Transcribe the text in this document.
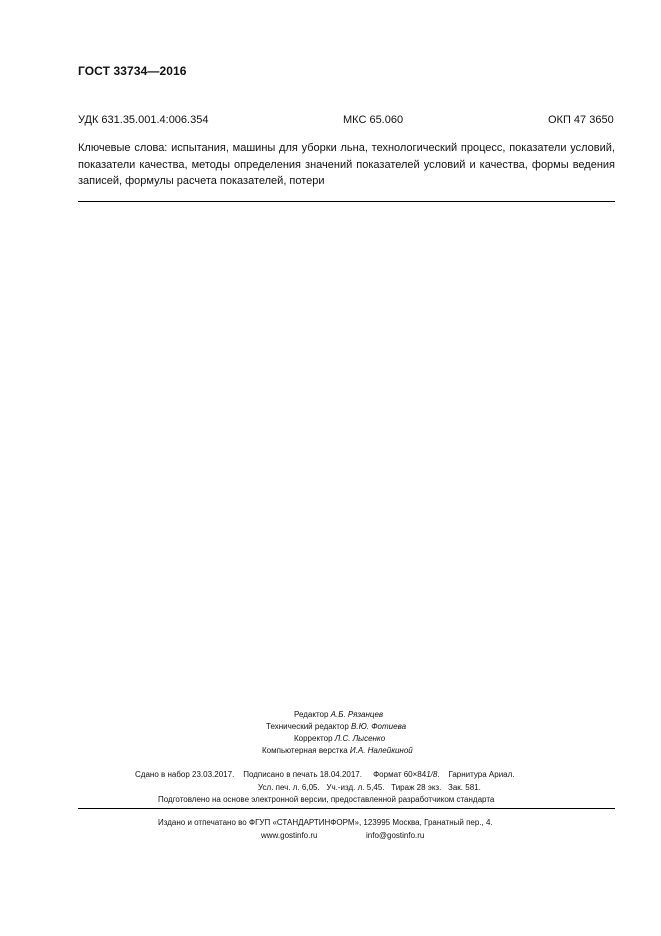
ГОСТ 33734—2016
УДК 631.35.001.4:006.354	МКС 65.060	ОКП 47 3650
Ключевые слова: испытания, машины для уборки льна, технологический процесс, показатели условий, показатели качества, методы определения значений показателей условий и качества, формы ведения записей, формулы расчета показателей, потери
Редактор А.Б. Рязанцев
Технический редактор В.Ю. Фотиева
Корректор Л.С. Лысенко
Компьютерная верстка И.А. Налейкиной
Сдано в набор 23.03.2017. Подписано в печать 18.04.2017. Формат 60×841/8.    Гарнитура Ариал.
Усл. печ. л. 6,05. Уч.-изд. л. 5,45. Тираж 28 экз. Зак. 581.
Подготовлено на основе электронной версии, предоставленной разработчиком стандарта
Издано и отпечатано во ФГУП «СТАНДАРТИНФОРМ», 123995 Москва, Гранатный пер., 4.
www.gostinfo.ru	info@gostinfo.ru
